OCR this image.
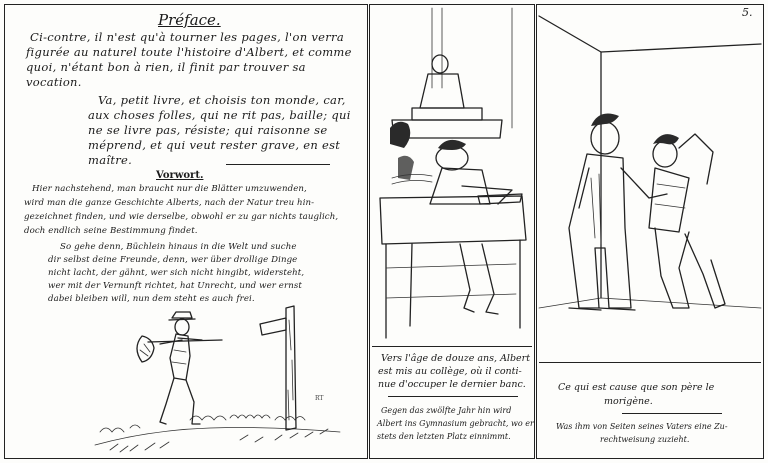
5.
Préface.
Ci-contre, il n'est qu'à tourner les pages, l'on verra
figurée au naturel toute l'histoire d'Albert, et comme
quoi, n'étant bon à rien, il finit par trouver sa
vocation.
Va, petit livre, et choisis ton monde, car,
aux choses folles, qui ne rit pas, baille; qui
ne se livre pas, résiste; qui raisonne se
méprend, et qui veut rester grave, en est
maître.
Vorwort.
Hier nachstehend, man braucht nur die Blätter umzuwenden,
wird man die ganze Geschichte Alberts, nach der Natur treu hin-
gezeichnet finden, und wie derselbe, obwohl er zu gar nichts tauglich,
doch endlich seine Bestimmung findet.
So gehe denn, Büchlein hinaus in die Welt und suche
dir selbst deine Freunde, denn, wer über drollige Dinge
nicht lacht, der gähnt, wer sich nicht hingibt, widersteht,
wer mit der Vernunft richtet, hat Unrecht, und wer ernst
dabei bleiben will, nun dem steht es auch frei.
RT
Vers l'âge de douze ans, Albert
est mis au collège, où il conti-
nue d'occuper le dernier banc.
Gegen das zwölfte Jahr hin wird
Albert ins Gymnasium gebracht, wo er
stets den letzten Platz einnimmt.
Ce qui est cause que son père le
morigène.
Was ihm von Seiten seines Vaters eine Zu-
rechtweisung zuzieht.
